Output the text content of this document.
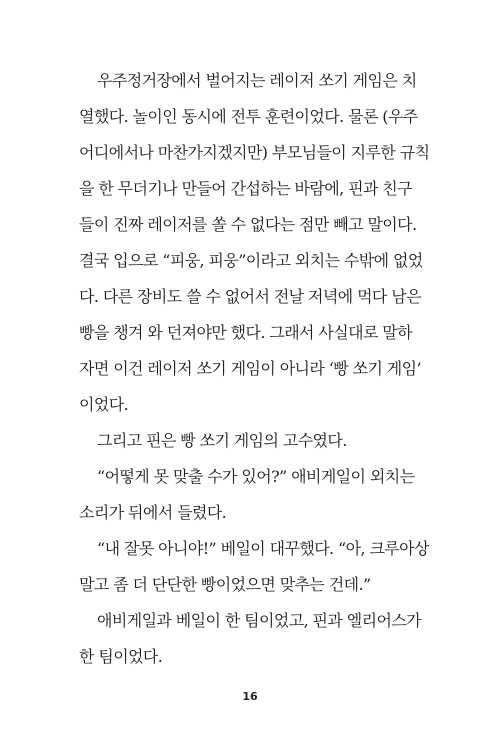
우주정거장에서 벌어지는 레이저 쏘기 게임은 치
열했다. 놀이인 동시에 전투 훈련이었다. 물론 (우주
어디에서나 마찬가지겠지만) 부모님들이 지루한 규칙
을 한 무더기나 만들어 간섭하는 바람에, 핀과 친구
들이 진짜 레이저를 쏠 수 없다는 점만 빼고 말이다.
결국 입으로 “피웅, 피웅”이라고 외치는 수밖에 없었
다. 다른 장비도 쓸 수 없어서 전날 저녁에 먹다 남은
빵을 챙겨 와 던져야만 했다. 그래서 사실대로 말하
자면 이건 레이저 쏘기 게임이 아니라 ‘빵 쏘기 게임’
이었다.
그리고 핀은 빵 쏘기 게임의 고수였다.
“어떻게 못 맞출 수가 있어?” 애비게일이 외치는
소리가 뒤에서 들렸다.
“내 잘못 아니야!” 베일이 대꾸했다. “아, 크루아상
말고 좀 더 단단한 빵이었으면 맞추는 건데.”
애비게일과 베일이 한 팀이었고, 핀과 엘리어스가
한 팀이었다.
16
